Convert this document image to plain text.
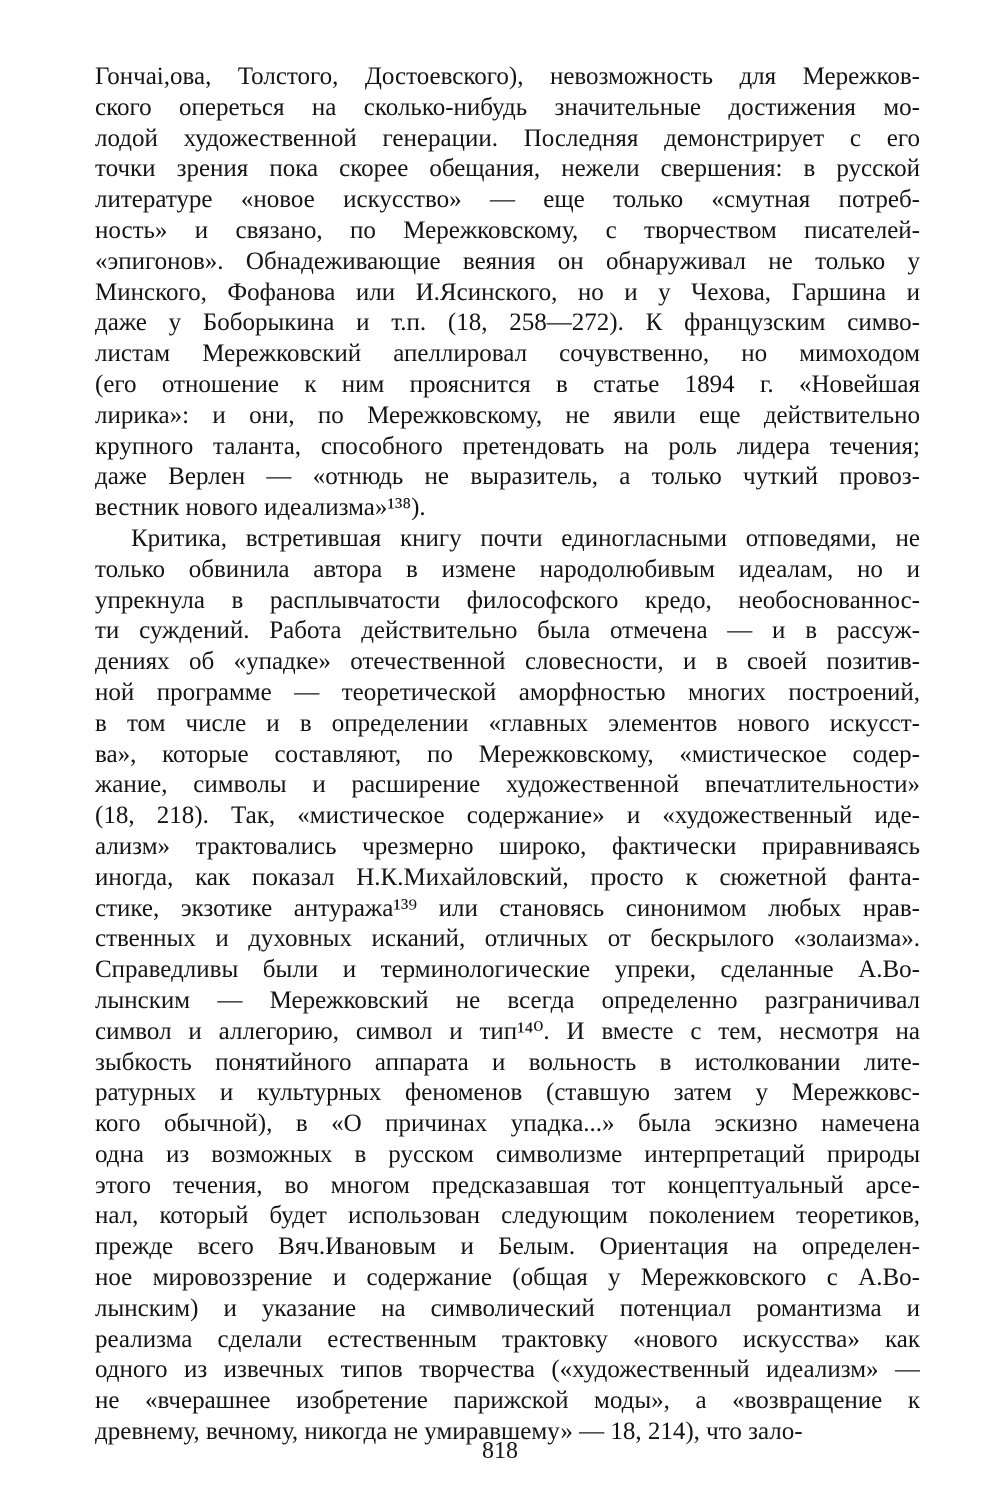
Гончаi,ова, Толстого, Достоевского), невозможность для Мережков-
ского опереться на сколько-нибудь значительные достижения мо-
лодой художественной генерации. Последняя демонстрирует с его
точки зрения пока скорее обещания, нежели свершения: в русской
литературе «новое искусство» — еще только «смутная потреб-
ность» и связано, по Мережковскому, с творчеством писателей-
«эпигонов». Обнадеживающие веяния он обнаруживал не только у
Минского, Фофанова или И.Ясинского, но и у Чехова, Гаршина и
даже у Боборыкина и т.п. (18, 258—272). К французским симво-
листам Мережковский апеллировал сочувственно, но мимоходом
(его отношение к ним прояснится в статье 1894 г. «Новейшая
лирика»: и они, по Мережковскому, не явили еще действительно
крупного таланта, способного претендовать на роль лидера течения;
даже Верлен — «отнюдь не выразитель, а только чуткий провоз-
вестник нового идеализма»¹³⁸).
Критика, встретившая книгу почти единогласными отповедями, не
только обвинила автора в измене народолюбивым идеалам, но и
упрекнула в расплывчатости философского кредо, необоснованнос-
ти суждений. Работа действительно была отмечена — и в рассуж-
дениях об «упадке» отечественной словесности, и в своей позитив-
ной программе — теоретической аморфностью многих построений,
в том числе и в определении «главных элементов нового искусст-
ва», которые составляют, по Мережковскому, «мистическое содер-
жание, символы и расширение художественной впечатлительности»
(18, 218). Так, «мистическое содержание» и «художественный иде-
ализм» трактовались чрезмерно широко, фактически приравниваясь
иногда, как показал Н.К.Михайловский, просто к сюжетной фанта-
стике, экзотике антуража¹³⁹ или становясь синонимом любых нрав-
ственных и духовных исканий, отличных от бескрылого «золаизма».
Справедливы были и терминологические упреки, сделанные А.Во-
лынским — Мережковский не всегда определенно разграничивал
символ и аллегорию, символ и тип¹⁴⁰. И вместе с тем, несмотря на
зыбкость понятийного аппарата и вольность в истолковании лите-
ратурных и культурных феноменов (ставшую затем у Мережковс-
кого обычной), в «О причинах упадка...» была эскизно намечена
одна из возможных в русском символизме интерпретаций природы
этого течения, во многом предсказавшая тот концептуальный арсе-
нал, который будет использован следующим поколением теоретиков,
прежде всего Вяч.Ивановым и Белым. Ориентация на определен-
ное мировоззрение и содержание (общая у Мережковского с А.Во-
лынским) и указание на символический потенциал романтизма и
реализма сделали естественным трактовку «нового искусства» как
одного из извечных типов творчества («художественный идеализм» —
не «вчерашнее изобретение парижской моды», а «возвращение к
древнему, вечному, никогда не умиравшему» — 18, 214), что зало-
818
